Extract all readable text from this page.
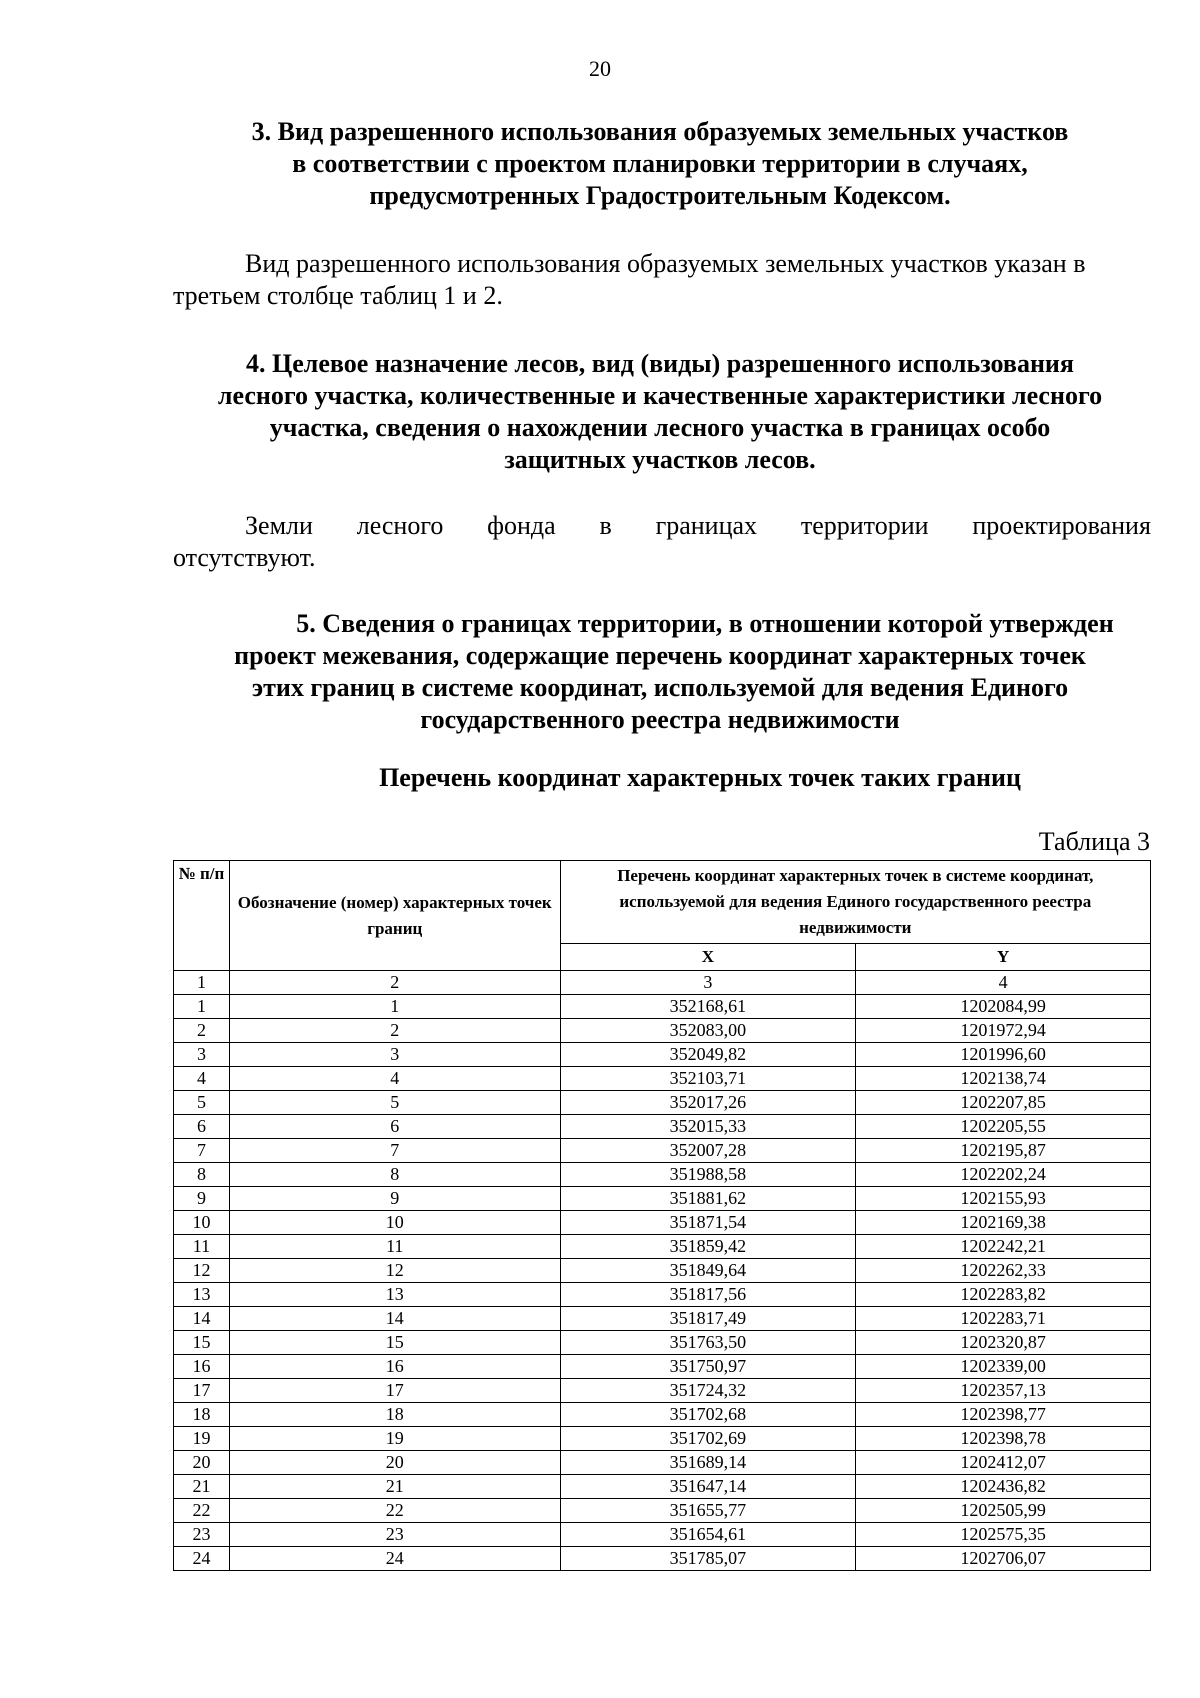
20
3. Вид разрешенного использования образуемых земельных участков
в соответствии с проектом планировки территории в случаях,
предусмотренных Градостроительным Кодексом.

Вид разрешенного использования образуемых земельных участков указан в третьем столбце таблиц 1 и 2.

4. Целевое назначение лесов, вид (виды) разрешенного использования
лесного участка, количественные и качественные характеристики лесного
участка, сведения о нахождении лесного участка в границах особо
защитных участков лесов.
Земли лесного фонда в границах территории проектирования
отсутствуют.
5. Сведения о границах территории, в отношении которой утвержден
проект межевания, содержащие перечень координат характерных точек
этих границ в системе координат, используемой для ведения Единого
государственного реестра недвижимости
Перечень координат характерных точек таких границ
Таблица 3
№ п/п	Обозначение (номер) характерных точек границ	Перечень координат характерных точек в системе координат, используемой для ведения Единого государственного реестра недвижимости	
		X	Y
1	2	3	4
1	1	352168,61	1202084,99
2	2	352083,00	1201972,94
3	3	352049,82	1201996,60
4	4	352103,71	1202138,74
5	5	352017,26	1202207,85
6	6	352015,33	1202205,55
7	7	352007,28	1202195,87
8	8	351988,58	1202202,24
9	9	351881,62	1202155,93
10	10	351871,54	1202169,38
11	11	351859,42	1202242,21
12	12	351849,64	1202262,33
13	13	351817,56	1202283,82
14	14	351817,49	1202283,71
15	15	351763,50	1202320,87
16	16	351750,97	1202339,00
17	17	351724,32	1202357,13
18	18	351702,68	1202398,77
19	19	351702,69	1202398,78
20	20	351689,14	1202412,07
21	21	351647,14	1202436,82
22	22	351655,77	1202505,99
23	23	351654,61	1202575,35
24	24	351785,07	1202706,07
